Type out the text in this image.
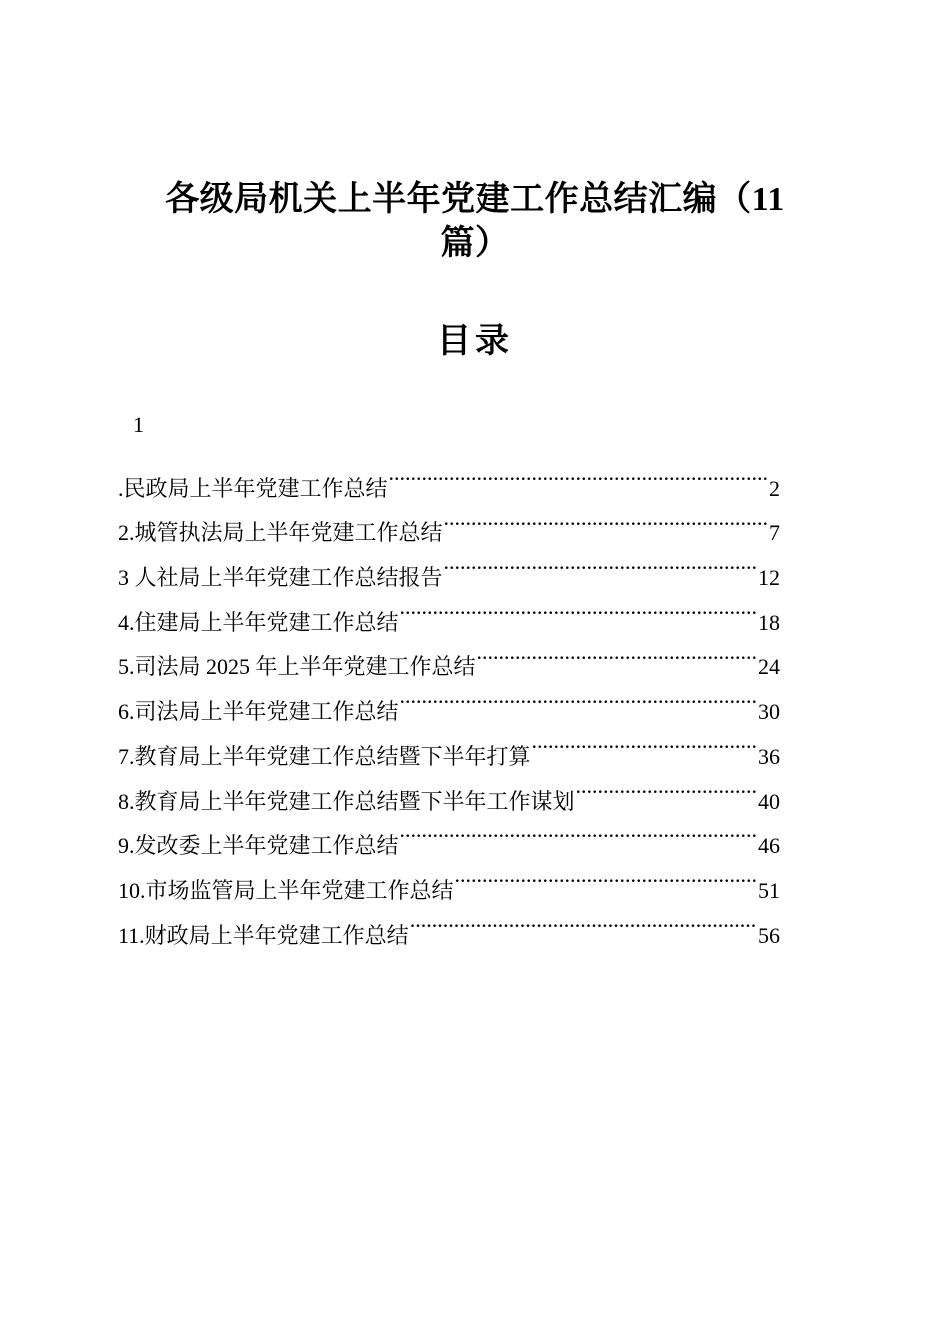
各级局机关上半年党建工作总结汇编（11篇）
目录
1
.民政局上半年党建工作总结 .....	2
2.城管执法局上半年党建工作总结 .....	7
3 人社局上半年党建工作总结报告 .....	12
4.住建局上半年党建工作总结 .....	18
5.司法局 2025 年上半年党建工作总结 .....	24
6.司法局上半年党建工作总结 .....	30
7.教育局上半年党建工作总结暨下半年打算 .....	36
8.教育局上半年党建工作总结暨下半年工作谋划 .....	40
9.发改委上半年党建工作总结 .....	46
10.市场监管局上半年党建工作总结 .....	51
11.财政局上半年党建工作总结 .....	56
